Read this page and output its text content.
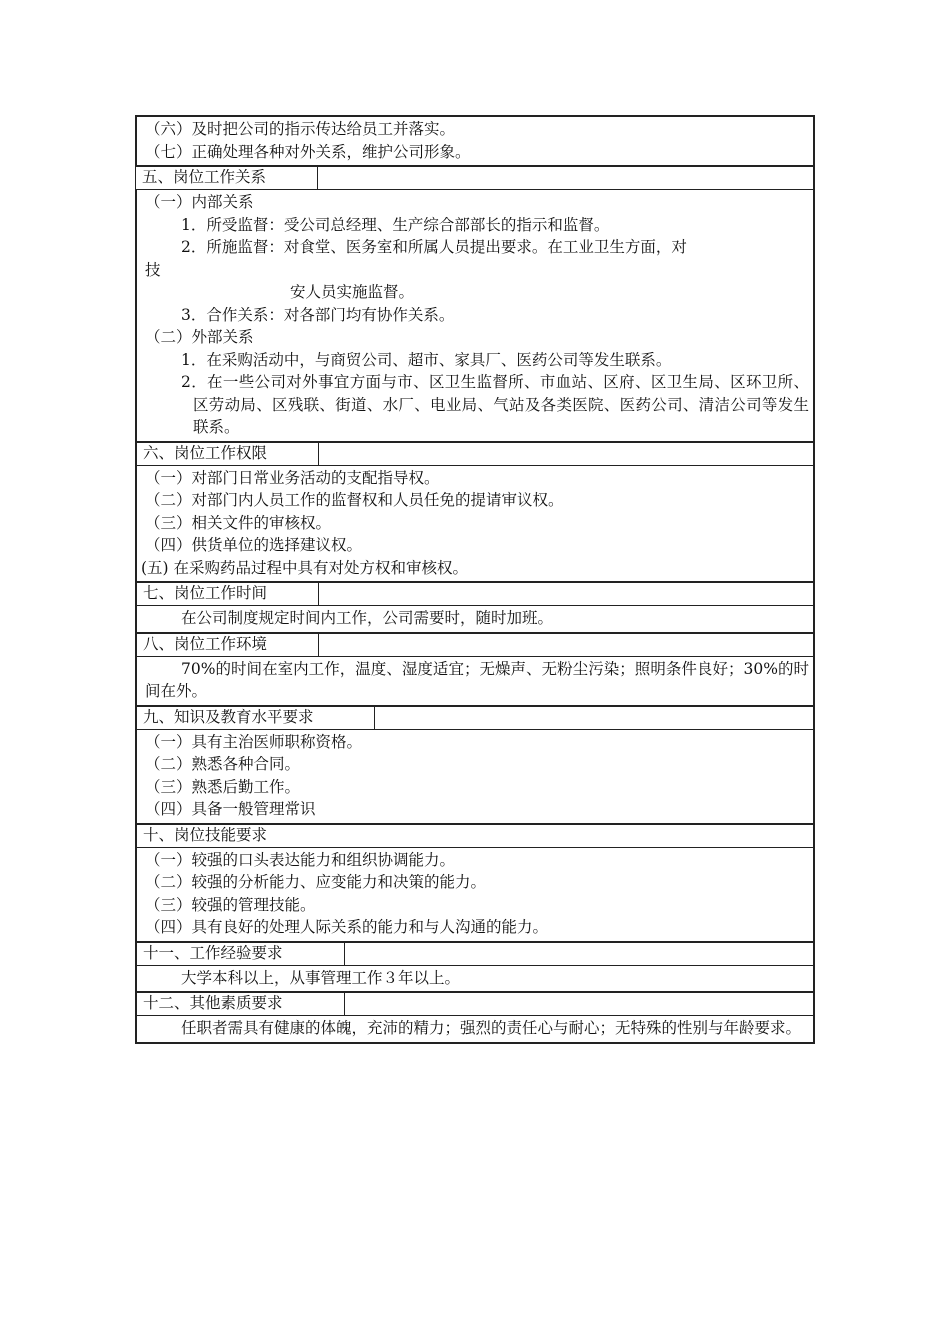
（六）及时把公司的指示传达给员工并落实。
（七）正确处理各种对外关系，维护公司形象。
五、岗位工作关系
（一）内部关系
1．所受监督：受公司总经理、生产综合部部长的指示和监督。
2．所施监督：对食堂、医务室和所属人员提出要求。在工业卫生方面，对
技
安人员实施监督。
3．合作关系：对各部门均有协作关系。
（二）外部关系
1．在采购活动中，与商贸公司、超市、家具厂、医药公司等发生联系。
2．在一些公司对外事宜方面与市、区卫生监督所、市血站、区府、区卫生局、区环卫所、区劳动局、区残联、街道、水厂、电业局、气站及各类医院、医药公司、清洁公司等发生联系。
六、岗位工作权限
（一）对部门日常业务活动的支配指导权。
（二）对部门内人员工作的监督权和人员任免的提请审议权。
（三）相关文件的审核权。
（四）供货单位的选择建议权。
(五) 在采购药品过程中具有对处方权和审核权。
七、岗位工作时间
在公司制度规定时间内工作，公司需要时，随时加班。
八、岗位工作环境
70%的时间在室内工作，温度、湿度适宜；无燥声、无粉尘污染；照明条件良好；30%的时间在外。
九、知识及教育水平要求
（一）具有主治医师职称资格。
（二）熟悉各种合同。
（三）熟悉后勤工作。
（四）具备一般管理常识
十、岗位技能要求
（一）较强的口头表达能力和组织协调能力。
（二）较强的分析能力、应变能力和决策的能力。
（三）较强的管理技能。
（四）具有良好的处理人际关系的能力和与人沟通的能力。
十一、工作经验要求
大学本科以上，从事管理工作３年以上。
十二、其他素质要求
任职者需具有健康的体魄，充沛的精力；强烈的责任心与耐心；无特殊的性别与年龄要求。
